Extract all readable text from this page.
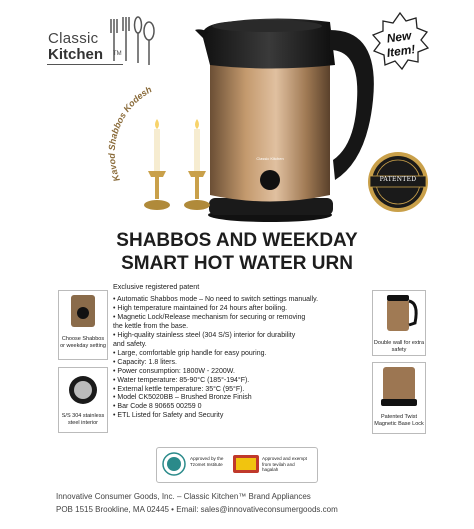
Classic
Kitchen TM
New
Item!
Classic Kitchen
Kavod Shabbos Kodesh
PATENTED
SHABBOS AND WEEKDAY
SMART HOT WATER URN
Exclusive registered patent
• Automatic Shabbos mode – No need to switch settings manually.
• High temperature maintained for 24 hours after boiling.
• Magnetic Lock/Release mechanism for securing or removing
the kettle from the base.
• High-quality stainless steel (304 S/S) interior for durability
and safety.
• Large, comfortable grip handle for easy pouring.
• Capacity: 1.8 liters.
• Power consumption: 1800W - 2200W.
• Water temperature: 85-90°C (185°-194°F).
• External kettle temperature: 35°C (95°F).
• Model CK5020BB – Brushed Bronze Finish
• Bar Code 8 90665 00259 0
• ETL Listed for Safety and Security
Choose Shabbos or weekday setting
S/S 304 stainless steel interior
Double wall for extra safety
Patented Twist Magnetic Base Lock
Approved by the Tzomet Institute
Approved and exempt from tevilah and hagalah
Innovative Consumer Goods, Inc. – Classic Kitchen™ Brand Appliances
POB 1515 Brookline, MA 02445 • Email: sales@innovativeconsumergoods.com
